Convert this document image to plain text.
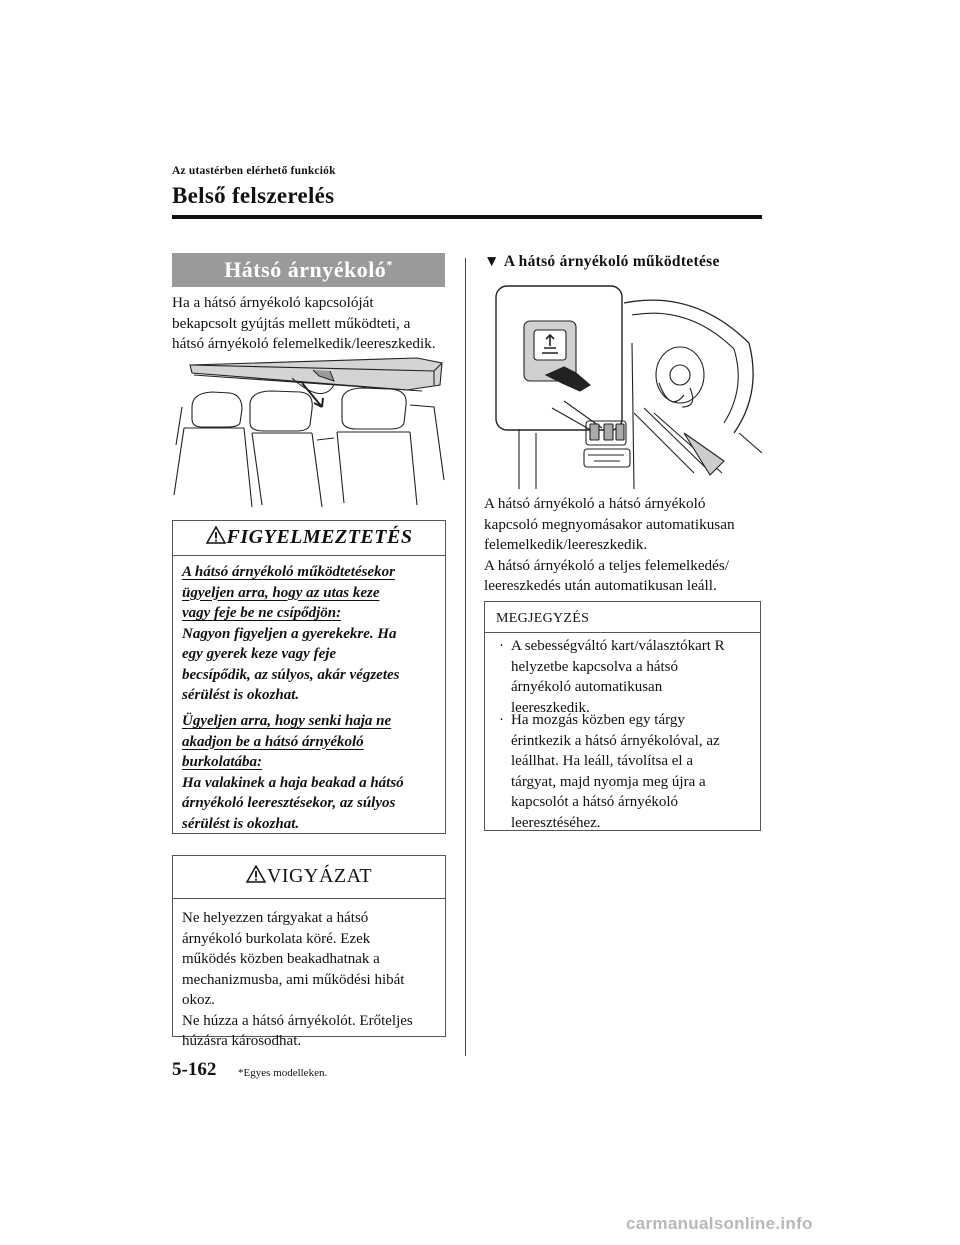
Az utastérben elérhető funkciók
Belső felszerelés
Hátsó árnyékoló*
Ha a hátsó árnyékoló kapcsolóját
bekapcsolt gyújtás mellett működteti, a
hátsó árnyékoló felemelkedik/leereszkedik.
FIGYELMEZTETÉS
A hátsó árnyékoló működtetésekor
ügyeljen arra, hogy az utas keze
vagy feje be ne csípődjön:
Nagyon figyeljen a gyerekekre. Ha
egy gyerek keze vagy feje
becsípődik, az súlyos, akár végzetes
sérülést is okozhat.
Ügyeljen arra, hogy senki haja ne
akadjon be a hátsó árnyékoló
burkolatába:
Ha valakinek a haja beakad a hátsó
árnyékoló leeresztésekor, az súlyos
sérülést is okozhat.
VIGYÁZAT
Ne helyezzen tárgyakat a hátsó
árnyékoló burkolata köré. Ezek
működés közben beakadhatnak a
mechanizmusba, ami működési hibát
okoz.
Ne húzza a hátsó árnyékolót. Erőteljes
húzásra károsodhat.
▼ A hátsó árnyékoló működtetése
A hátsó árnyékoló a hátsó árnyékoló
kapcsoló megnyomásakor automatikusan
felemelkedik/leereszkedik.
A hátsó árnyékoló a teljes felemelkedés/
leereszkedés után automatikusan leáll.
MEGJEGYZÉS
· A sebességváltó kart/választókart R
helyzetbe kapcsolva a hátsó
árnyékoló automatikusan
leereszkedik.
· Ha mozgás közben egy tárgy
érintkezik a hátsó árnyékolóval, az
leállhat. Ha leáll, távolítsa el a
tárgyat, majd nyomja meg újra a
kapcsolót a hátsó árnyékoló
leeresztéséhez.
5-162 *Egyes modelleken.
carmanualsonline.info
